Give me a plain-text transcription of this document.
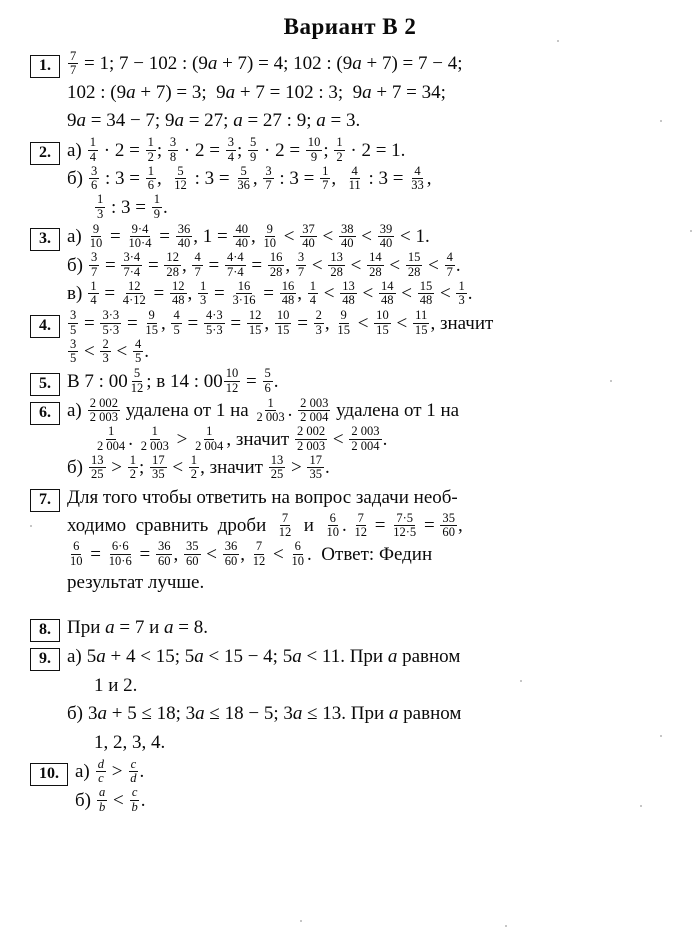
Вариант В 2
1.	$\frac{7}{7} = 1$; 7 − 102 : (9 a + 7) = 4; 102 : (9 a + 7) = 7 − 4;
102 : (9 a + 7) = 3;  9 a + 7 = 102 : 3;  9 a + 7 = 34;
9 a = 34 − 7; 9 a = 27; a = 27 : 9; a = 3.
2. $а) \frac{1}{4} \cdot 2 = \frac{1}{2}$ ; $\frac{3}{8} \cdot 2 = \frac{3}{4}$ ; $\frac{5}{9} \cdot 2 = \frac{10}{9}$ ; $\frac{1}{2} \cdot 2 = 1$.
$б) \frac{3}{6}$ : $3 = \frac{1}{6}$ , $\frac{5}{12}$ : $3 = \frac{5}{36}$ , $\frac{3}{7}$ : $3 = \frac{1}{7}$ , $\frac{4}{11}$ : $3 = \frac{4}{33}$ ,
$\frac{1}{3}$ : $3 = \frac{1}{9}$ .
3. $а) \frac{9}{10} = \frac{9\cdot 4}{10\cdot 4} = \frac{36}{40}$ , $1 = \frac{40}{40}$ , $\frac{9}{10} < \frac{37}{40} < \frac{38}{40} < \frac{39}{40} < 1$.
$б) \frac{3}{7} = \frac{3\cdot 4}{7\cdot 4} = \frac{12}{28}$ , $\frac{4}{7} = \frac{4\cdot 4}{7\cdot 4} = \frac{16}{28}$ , $\frac{3}{7} < \frac{13}{28} < \frac{14}{28} < \frac{15}{28} < \frac{4}{7}$ .
$в) \frac{1}{4} = \frac{12}{4\cdot 12} = \frac{12}{48}$ , $\frac{1}{3} = \frac{16}{3\cdot 16} = \frac{16}{48}$ , $\frac{1}{4} < \frac{13}{48} < \frac{14}{48} < \frac{15}{48} < \frac{1}{3}$ .
4.	$\frac{3}{5} = \frac{3\cdot 3}{5\cdot 3} = \frac{9}{15}$ , $\frac{4}{5} = \frac{4\cdot 3}{5\cdot 3} = \frac{12}{15}$ , $\frac{10}{15} = \frac{2}{3}$ , $\frac{9}{15} < \frac{10}{15} < \frac{11}{15}$ , значит
$\frac{3}{5} < \frac{2}{3} < \frac{4}{5}$ .
5. В 7 : $00 \frac{5}{12}$ ; в 14 : $00 \frac{10}{12} = \frac{5}{6}$ .
6. $а) \frac{2 002}{2 003}$ удалена от 1 на $\frac{1}{2 003}$ . $\frac{2 003}{2 004}$ удалена от 1 на
$\frac{1}{2 004}$ . $\frac{1}{2 003} > \frac{1}{2 004}$ , значит $\frac{2 002}{2 003} < \frac{2 003}{2 004}$ .
$б) \frac{13}{25} > \frac{1}{2}$ ; $\frac{17}{35} < \frac{1}{2}$ , значит $\frac{13}{25} > \frac{17}{35}$ .
7. Для того чтобы ответить на вопрос задачи необ-
ходимо  сравнить  дроби $\frac{7}{12}$ и $\frac{6}{10}$ . $\frac{7}{12} = \frac{7\cdot 5}{12\cdot 5} = \frac{35}{60}$ ,
$\frac{6}{10} = \frac{6\cdot 6}{10\cdot 6} = \frac{36}{60}$ , $\frac{35}{60} < \frac{36}{60}$ , $\frac{7}{12} < \frac{6}{10}$ .  Ответ: Федин
результат лучше.
8. При a = 7 и a = 8.
9. а) 5 a + 4 < 15; 5 a < 15 − 4; 5 a < 11. При a равном
1 и 2.
б) 3 a + 5 ≤ 18; 3 a ≤ 18 − 5; 3 a ≤ 13. При a равном
1, 2, 3, 4.
10. $а) \frac{d}{c} > \frac{c}{d}$ .
$б) \frac{a}{b} < \frac{c}{b}$ .
